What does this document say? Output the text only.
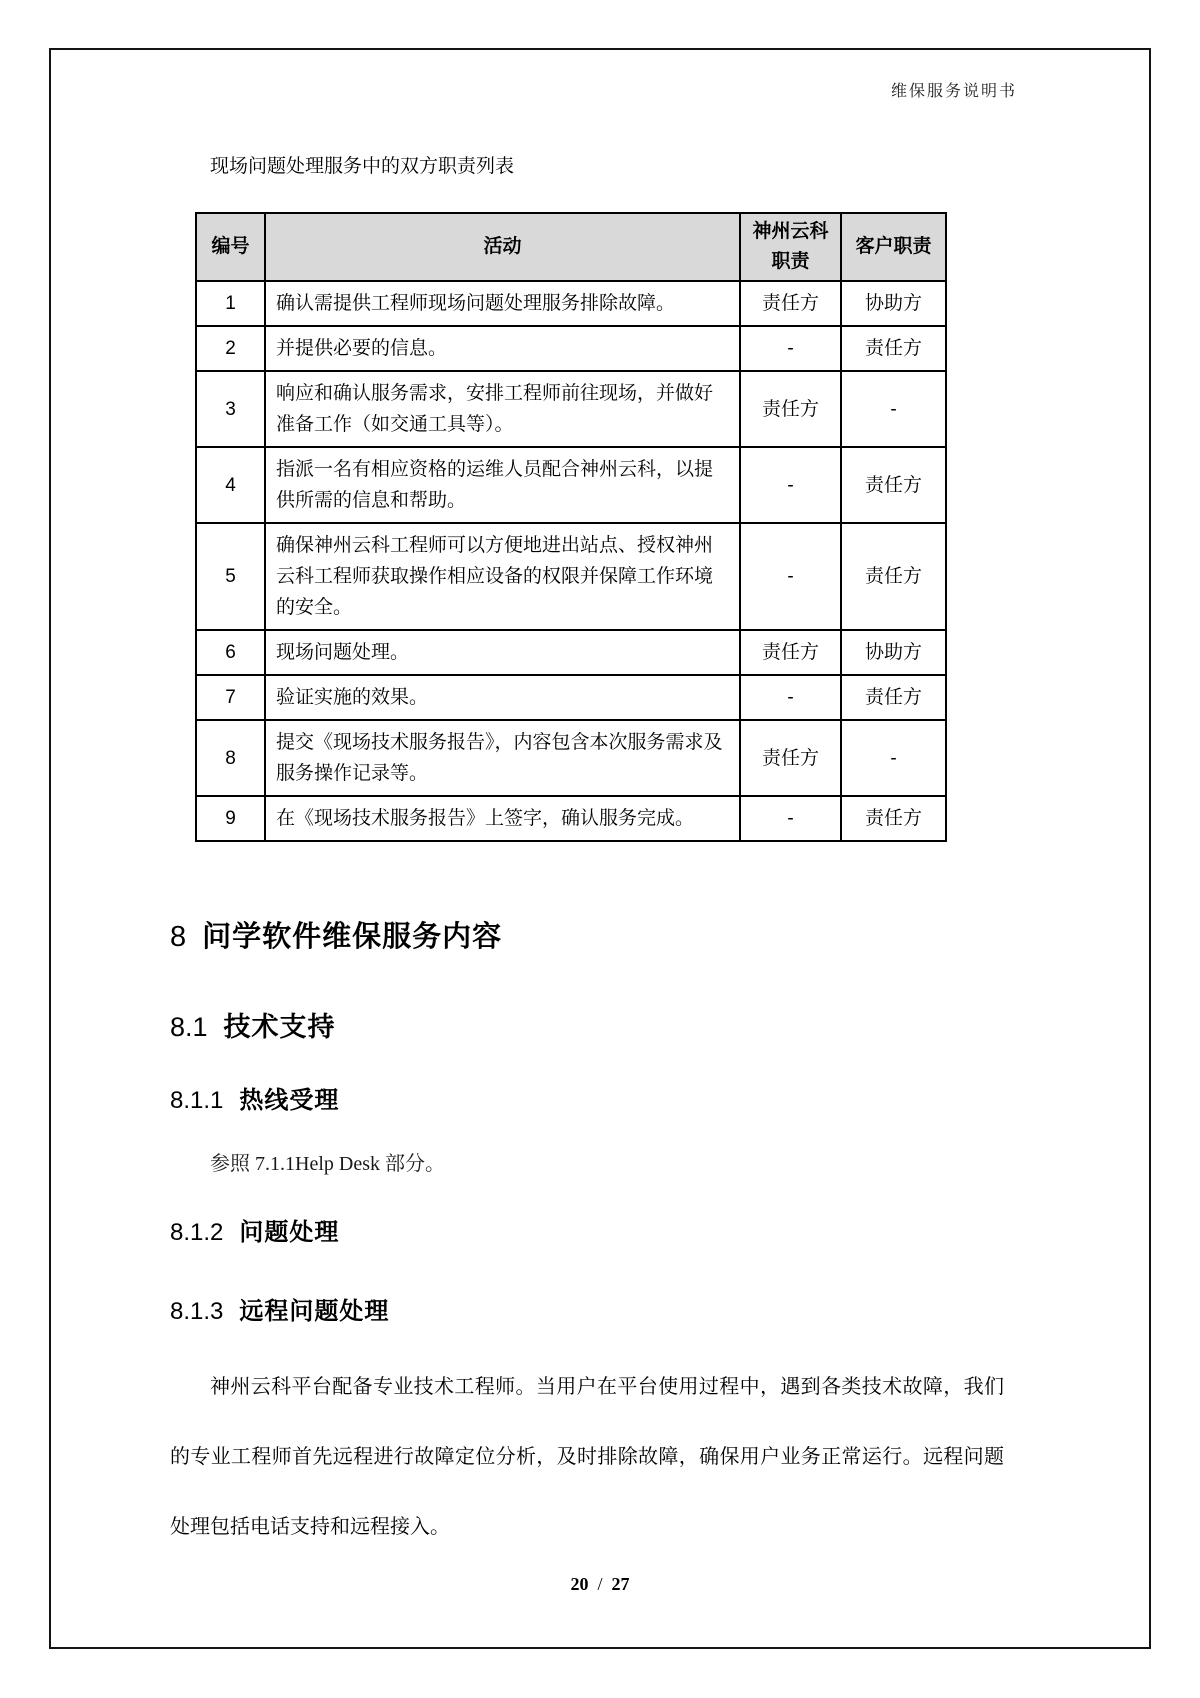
维保服务说明书

现场问题处理服务中的双方职责列表

编号	活动	神州云科职责	客户职责
1	确认需提供工程师现场问题处理服务排除故障。	责任方	协助方
2	并提供必要的信息。	-	责任方
3	响应和确认服务需求，安排工程师前往现场，并做好准备工作（如交通工具等）。	责任方	-
4	指派一名有相应资格的运维人员配合神州云科，以提供所需的信息和帮助。	-	责任方
5	确保神州云科工程师可以方便地进出站点、授权神州云科工程师获取操作相应设备的权限并保障工作环境的安全。	-	责任方
6	现场问题处理。	责任方	协助方
7	验证实施的效果。	-	责任方
8	提交《现场技术服务报告》，内容包含本次服务需求及服务操作记录等。	责任方	-
9	在《现场技术服务报告》上签字，确认服务完成。	-	责任方
8 问学软件维保服务内容
8.1 技术支持
8.1.1 热线受理

参照 7.1.1Help Desk 部分。

8.1.2 问题处理
8.1.3 远程问题处理

神州云科平台配备专业技术工程师。当用户在平台使用过程中，遇到各类技术故障，我们的专业工程师首先远程进行故障定位分析，及时排除故障，确保用户业务正常运行。远程问题处理包括电话支持和远程接入。

20 / 27
